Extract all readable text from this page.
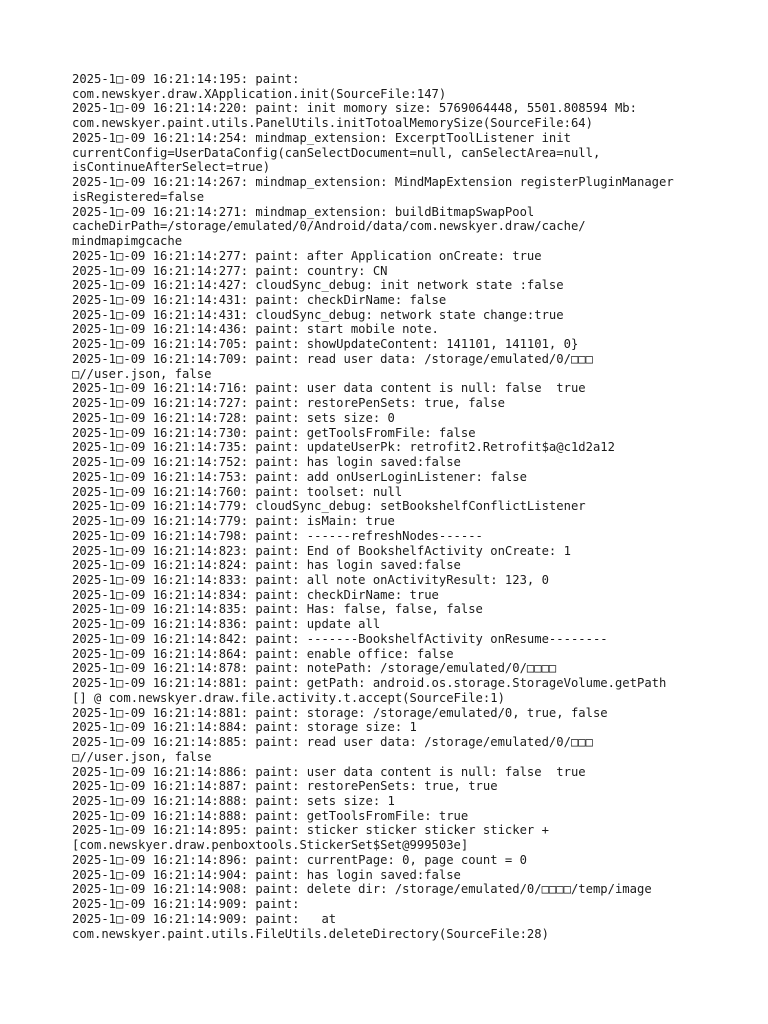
2025-1□-09 16:21:14:195: paint:
com.newskyer.draw.XApplication.init(SourceFile:147)
2025-1□-09 16:21:14:220: paint: init momory size: 5769064448, 5501.808594 Mb:
com.newskyer.paint.utils.PanelUtils.initTotoalMemorySize(SourceFile:64)
2025-1□-09 16:21:14:254: mindmap_extension: ExcerptToolListener init
currentConfig=UserDataConfig(canSelectDocument=null, canSelectArea=null,
isContinueAfterSelect=true)
2025-1□-09 16:21:14:267: mindmap_extension: MindMapExtension registerPluginManager
isRegistered=false
2025-1□-09 16:21:14:271: mindmap_extension: buildBitmapSwapPool
cacheDirPath=/storage/emulated/0/Android/data/com.newskyer.draw/cache/
mindmapimgcache
2025-1□-09 16:21:14:277: paint: after Application onCreate: true
2025-1□-09 16:21:14:277: paint: country: CN
2025-1□-09 16:21:14:427: cloudSync_debug: init network state :false
2025-1□-09 16:21:14:431: paint: checkDirName: false
2025-1□-09 16:21:14:431: cloudSync_debug: network state change:true
2025-1□-09 16:21:14:436: paint: start mobile note.
2025-1□-09 16:21:14:705: paint: showUpdateContent: 141101, 141101, 0}
2025-1□-09 16:21:14:709: paint: read user data: /storage/emulated/0/□□□
□//user.json, false
2025-1□-09 16:21:14:716: paint: user data content is null: false  true
2025-1□-09 16:21:14:727: paint: restorePenSets: true, false
2025-1□-09 16:21:14:728: paint: sets size: 0
2025-1□-09 16:21:14:730: paint: getToolsFromFile: false
2025-1□-09 16:21:14:735: paint: updateUserPk: retrofit2.Retrofit$a@c1d2a12
2025-1□-09 16:21:14:752: paint: has login saved:false
2025-1□-09 16:21:14:753: paint: add onUserLoginListener: false
2025-1□-09 16:21:14:760: paint: toolset: null
2025-1□-09 16:21:14:779: cloudSync_debug: setBookshelfConflictListener
2025-1□-09 16:21:14:779: paint: isMain: true
2025-1□-09 16:21:14:798: paint: ------refreshNodes------
2025-1□-09 16:21:14:823: paint: End of BookshelfActivity onCreate: 1
2025-1□-09 16:21:14:824: paint: has login saved:false
2025-1□-09 16:21:14:833: paint: all note onActivityResult: 123, 0
2025-1□-09 16:21:14:834: paint: checkDirName: true
2025-1□-09 16:21:14:835: paint: Has: false, false, false
2025-1□-09 16:21:14:836: paint: update all
2025-1□-09 16:21:14:842: paint: -------BookshelfActivity onResume--------
2025-1□-09 16:21:14:864: paint: enable office: false
2025-1□-09 16:21:14:878: paint: notePath: /storage/emulated/0/□□□□
2025-1□-09 16:21:14:881: paint: getPath: android.os.storage.StorageVolume.getPath
[] @ com.newskyer.draw.file.activity.t.accept(SourceFile:1)
2025-1□-09 16:21:14:881: paint: storage: /storage/emulated/0, true, false
2025-1□-09 16:21:14:884: paint: storage size: 1
2025-1□-09 16:21:14:885: paint: read user data: /storage/emulated/0/□□□
□//user.json, false
2025-1□-09 16:21:14:886: paint: user data content is null: false  true
2025-1□-09 16:21:14:887: paint: restorePenSets: true, true
2025-1□-09 16:21:14:888: paint: sets size: 1
2025-1□-09 16:21:14:888: paint: getToolsFromFile: true
2025-1□-09 16:21:14:895: paint: sticker sticker sticker sticker +
[com.newskyer.draw.penboxtools.StickerSet$Set@999503e]
2025-1□-09 16:21:14:896: paint: currentPage: 0, page count = 0
2025-1□-09 16:21:14:904: paint: has login saved:false
2025-1□-09 16:21:14:908: paint: delete dir: /storage/emulated/0/□□□□/temp/image
2025-1□-09 16:21:14:909: paint:
2025-1□-09 16:21:14:909: paint:   at
com.newskyer.paint.utils.FileUtils.deleteDirectory(SourceFile:28)
